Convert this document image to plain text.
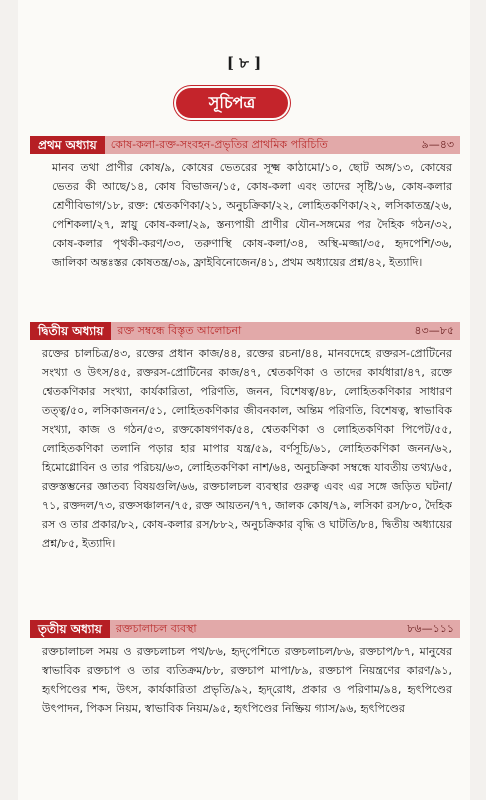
[ ৮ ]
সূচিপত্র
প্রথম অধ্যায়	কোষ-কলা-রক্ত-সংবহন-প্রভৃতির প্রাথমিক পরিচিতি	৯—৪৩
মানব তথা প্রাণীর কোষ/৯, কোষের ভেতরের সূক্ষ্ম কাঠামো/১০, ছোট অঙ্গ/১৩, কোষের ভেতর কী আছে/১৪, কোষ বিভাজন/১৫, কোষ-কলা এবং তাদের সৃষ্টি/১৬, কোষ-কলার শ্রেণীবিভাগ/১৮, রক্ত: শ্বেতকণিকা/২১, অনুচক্রিকা/২২, লোহিতকণিকা/২২, লসিকাতন্ত্র/২৬, পেশিকলা/২৭, স্নায়ু কোষ-কলা/২৯, স্তন্যপায়ী প্রাণীর যৌন-সঙ্গমের পর দৈহিক গঠন/৩২, কোষ-কলার পৃথকী-করণ/৩৩, তরুণাস্থি কোষ-কলা/৩৪, অস্থি-মজ্জা/৩৫, হৃদপেশি/৩৬, জালিকা অন্তঃস্তর কোষতন্ত্র/৩৯, ফ্রাইবিনোজেন/৪১, প্রথম অধ্যায়ের প্রশ্ন/৪২, ইত্যাদি।
দ্বিতীয় অধ্যায়	রক্ত সম্বন্ধে বিস্তৃত আলোচনা	৪৩—৮৫
রক্তের চালচিত্র/৪৩, রক্তের প্রধান কাজ/৪৪, রক্তের রচনা/৪৪, মানবদেহে রক্তরস-প্রোটিনের সংখ্যা ও উৎস/৪৫, রক্তরস-প্রোটিনের কাজ/৪৭, শ্বেতকণিকা ও তাদের কার্যধারা/৪৭, রক্তে শ্বেতকণিকার সংখ্যা, কার্যকারিতা, পরিণতি, জনন, বিশেষত্ব/৪৮, লোহিতকণিকার সাধারণ তত্ত্ব/৫০, লসিকাজনন/৫১, লোহিতকণিকার জীবনকাল, অন্তিম পরিণতি, বিশেষত্ব, স্বাভাবিক সংখ্যা, কাজ ও গঠন/৫৩, রক্তকোষগণক/৫৪, শ্বেতকণিকা ও লোহিতকণিকা পিপেট/৫৫, লোহিতকণিকা তলানি পড়ার হার মাপার যন্ত্র/৫৯, বর্ণসূচি/৬১, লোহিতকণিকা জনন/৬২, হিমোগ্লোবিন ও তার পরিচয়/৬৩, লোহিতকণিকা নাশ/৬৪, অনুচক্রিকা সম্বন্ধে যাবতীয় তথ্য/৬৫, রক্তস্তম্ভনের জ্ঞাতব্য বিষয়গুলি/৬৬, রক্তচালচল ব্যবস্থার গুরুত্ব এবং এর সঙ্গে জড়িত ঘটনা/৭১, রক্তদল/৭৩, রক্তসঞ্চালন/৭৫, রক্ত আয়তন/৭৭, জালক কোষ/৭৯, লসিকা রস/৮০, দৈহিক রস ও তার প্রকার/৮২, কোষ-কলার রস/৮৮২, অনুচক্রিকার বৃদ্ধি ও ঘাটতি/৮৪, দ্বিতীয় অধ্যায়ের প্রশ্ন/৮৫, ইত্যাদি।
তৃতীয় অধ্যায়	রক্তচালাচল ব্যবস্থা	৮৬—১১১
রক্তচালাচল সময় ও রক্তচলাচল পথ/৮৬, হৃদ্‌পেশিতে রক্তচলাচল/৮৬, রক্তচাপ/৮৭, মানুষের স্বাভাবিক রক্তচাপ ও তার ব্যতিক্রম/৮৮, রক্তচাপ মাপা/৮৯, রক্তচাপ নিয়ন্ত্রণের কারণ/৯১, হৃৎপিণ্ডের শব্দ, উৎস, কার্যকারিতা প্রভৃতি/৯২, হৃদ্‌রোধ, প্রকার ও পরিণাম/৯৪, হৃৎপিণ্ডের উৎপাদন, পিকস নিয়ম, স্বাভাবিক নিয়ম/৯৫, হৃৎপিণ্ডের নিষ্ক্রিয় গ্যাস/৯৬, হৃৎপিণ্ডের
